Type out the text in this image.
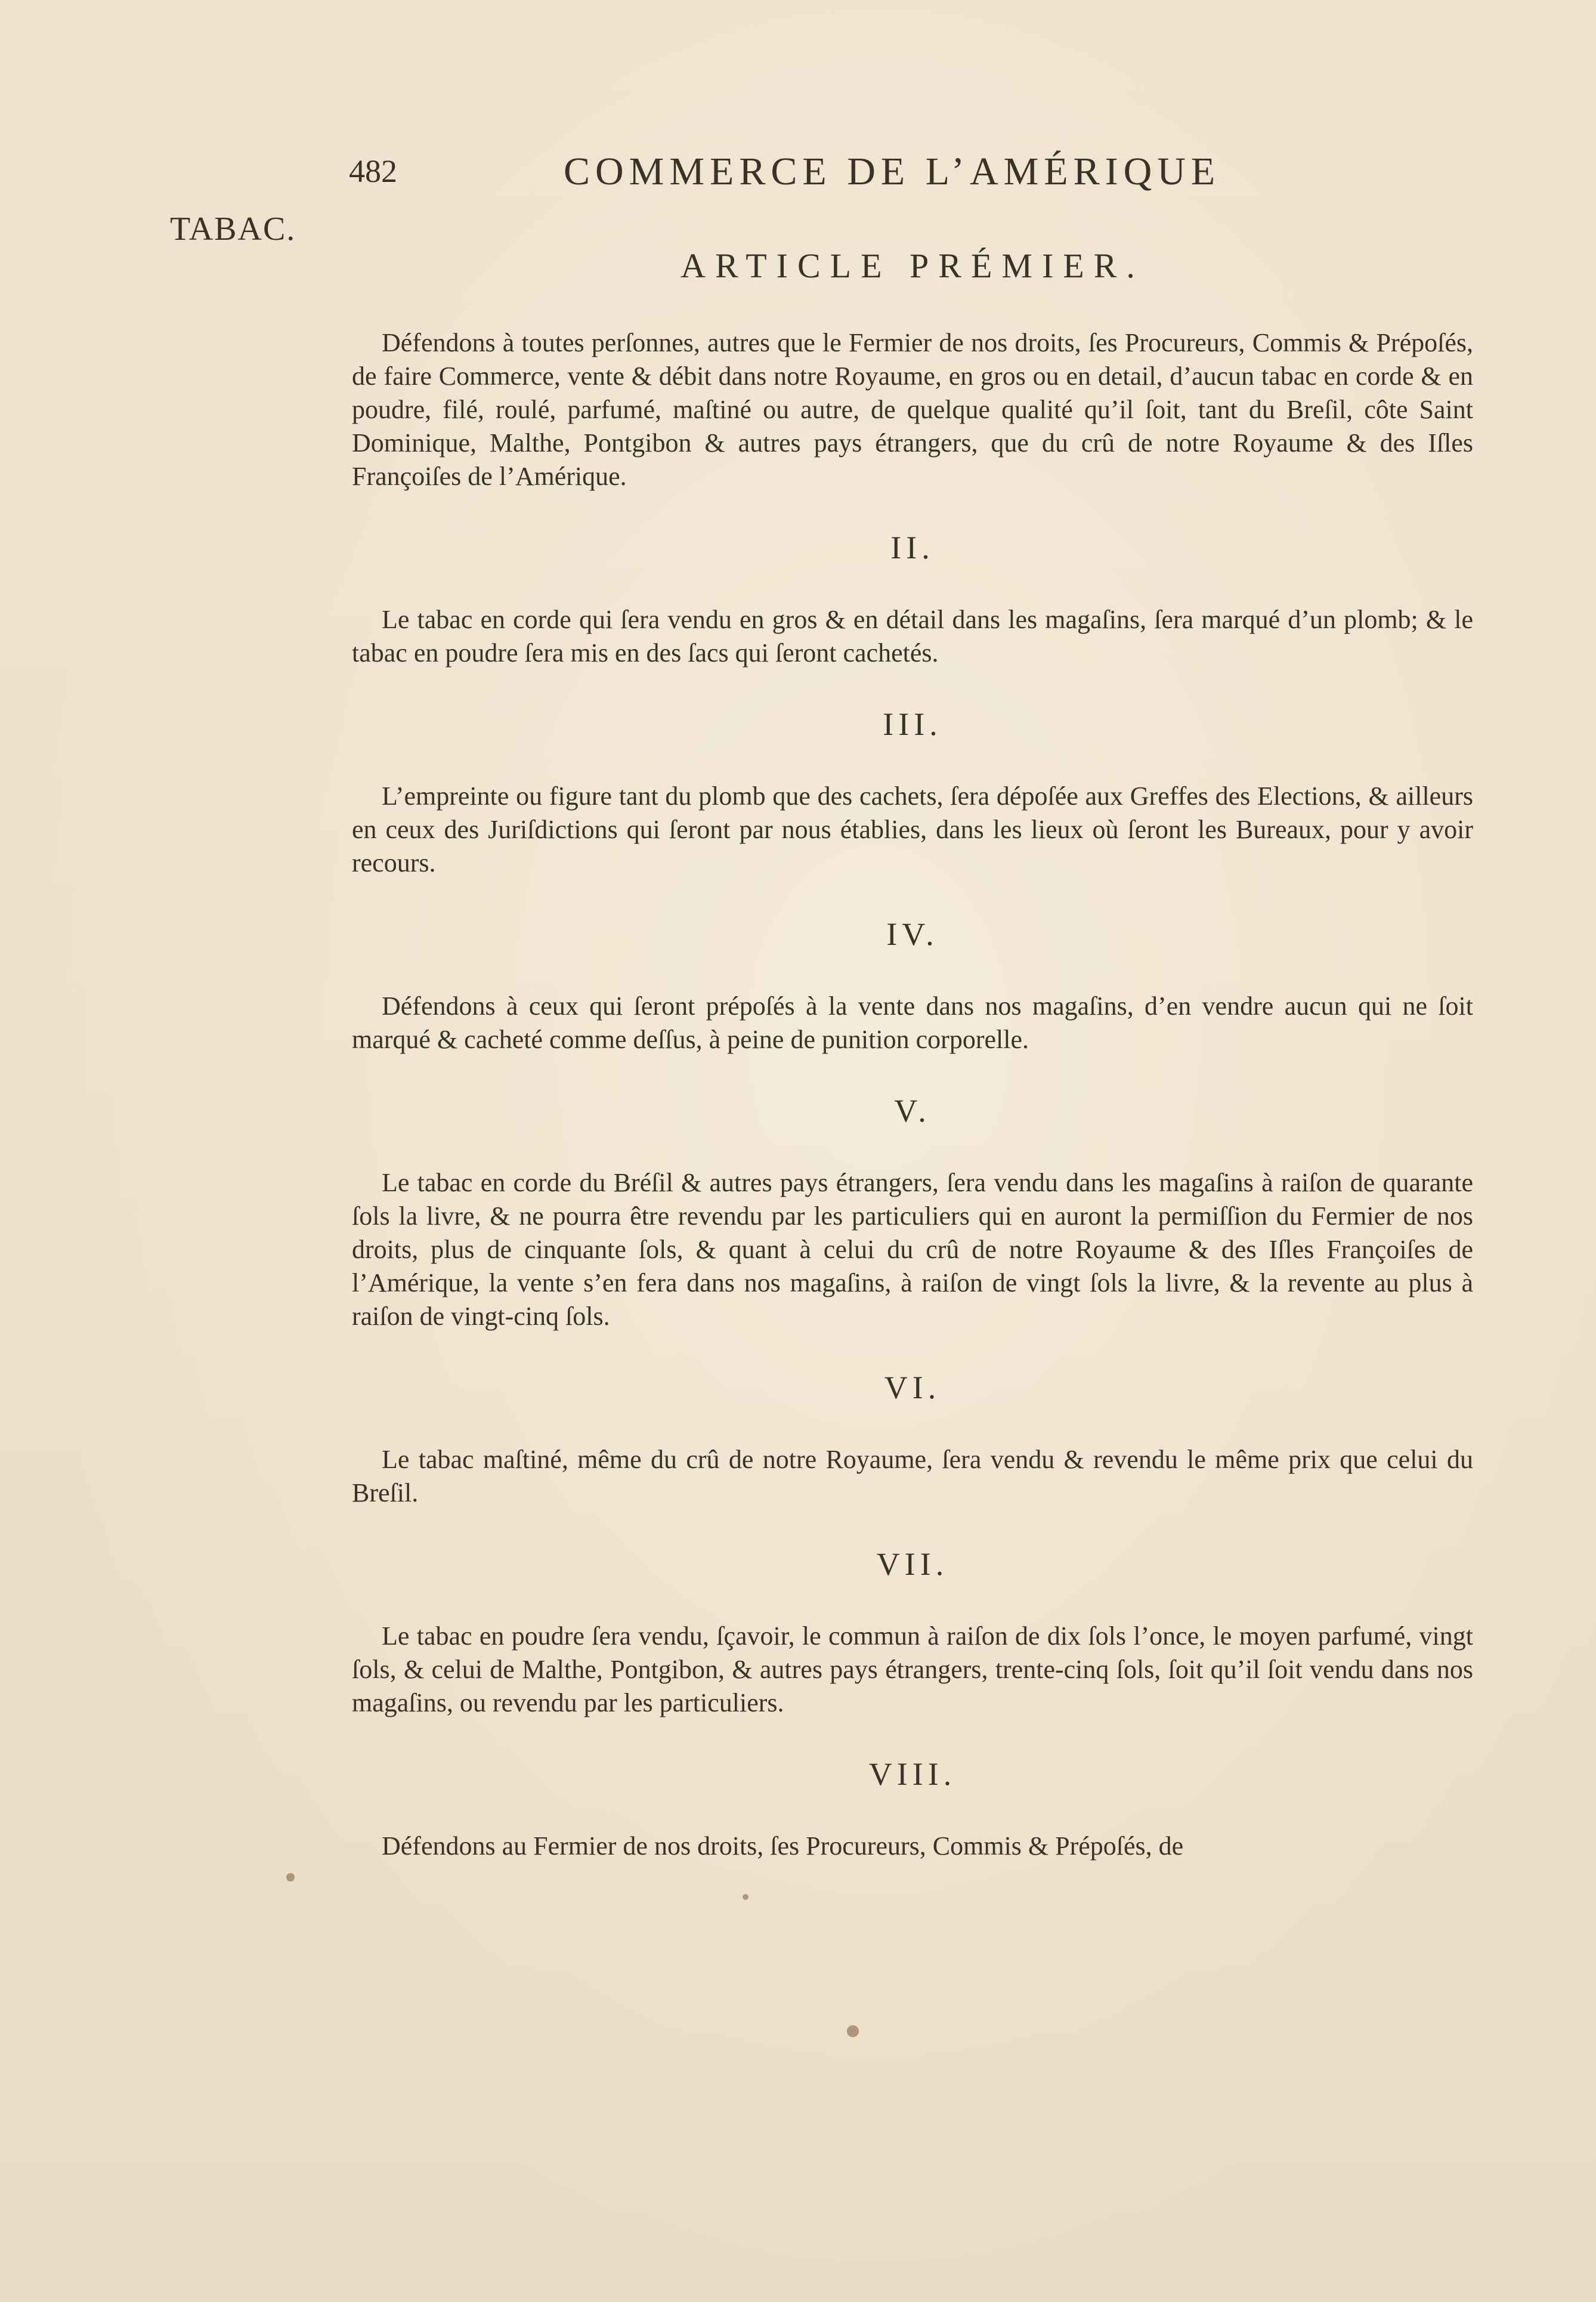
482	COMMERCE DE L’AMÉRIQUE
TABAC.
ARTICLE PRÉMIER.

Défendons à toutes perſonnes, autres que le Fermier de nos droits, ſes Procureurs, Commis & Prépoſés, de faire Commerce, vente & débit dans notre Royaume, en gros ou en detail, d’aucun tabac en corde & en poudre, filé, roulé, parfumé, maſtiné ou autre, de quelque qualité qu’il ſoit, tant du Breſil, côte Saint Dominique, Malthe, Pontgibon & autres pays étrangers, que du crû de notre Royaume & des Iſles Françoiſes de l’Amérique.

II.

Le tabac en corde qui ſera vendu en gros & en détail dans les magaſins, ſera marqué d’un plomb; & le tabac en poudre ſera mis en des ſacs qui ſeront cachetés.

III.

L’empreinte ou figure tant du plomb que des cachets, ſera dépoſée aux Greffes des Elections, & ailleurs en ceux des Juriſdictions qui ſeront par nous établies, dans les lieux où ſeront les Bureaux, pour y avoir recours.

IV.

Défendons à ceux qui ſeront prépoſés à la vente dans nos magaſins, d’en vendre aucun qui ne ſoit marqué & cacheté comme deſſus, à peine de punition corporelle.

V.

Le tabac en corde du Bréſil & autres pays étrangers, ſera vendu dans les magaſins à raiſon de quarante ſols la livre, & ne pourra être revendu par les particuliers qui en auront la permiſſion du Fermier de nos droits, plus de cinquante ſols, & quant à celui du crû de notre Royaume & des Iſles Françoiſes de l’Amérique, la vente s’en fera dans nos magaſins, à raiſon de vingt ſols la livre, & la revente au plus à raiſon de vingt-cinq ſols.

VI.

Le tabac maſtiné, même du crû de notre Royaume, ſera vendu & revendu le même prix que celui du Breſil.

VII.

Le tabac en poudre ſera vendu, ſçavoir, le commun à raiſon de dix ſols l’once, le moyen parfumé, vingt ſols, & celui de Malthe, Pontgibon, & autres pays étrangers, trente-cinq ſols, ſoit qu’il ſoit vendu dans nos magaſins, ou revendu par les particuliers.

VIII.

Défendons au Fermier de nos droits, ſes Procureurs, Commis & Prépoſés, de
